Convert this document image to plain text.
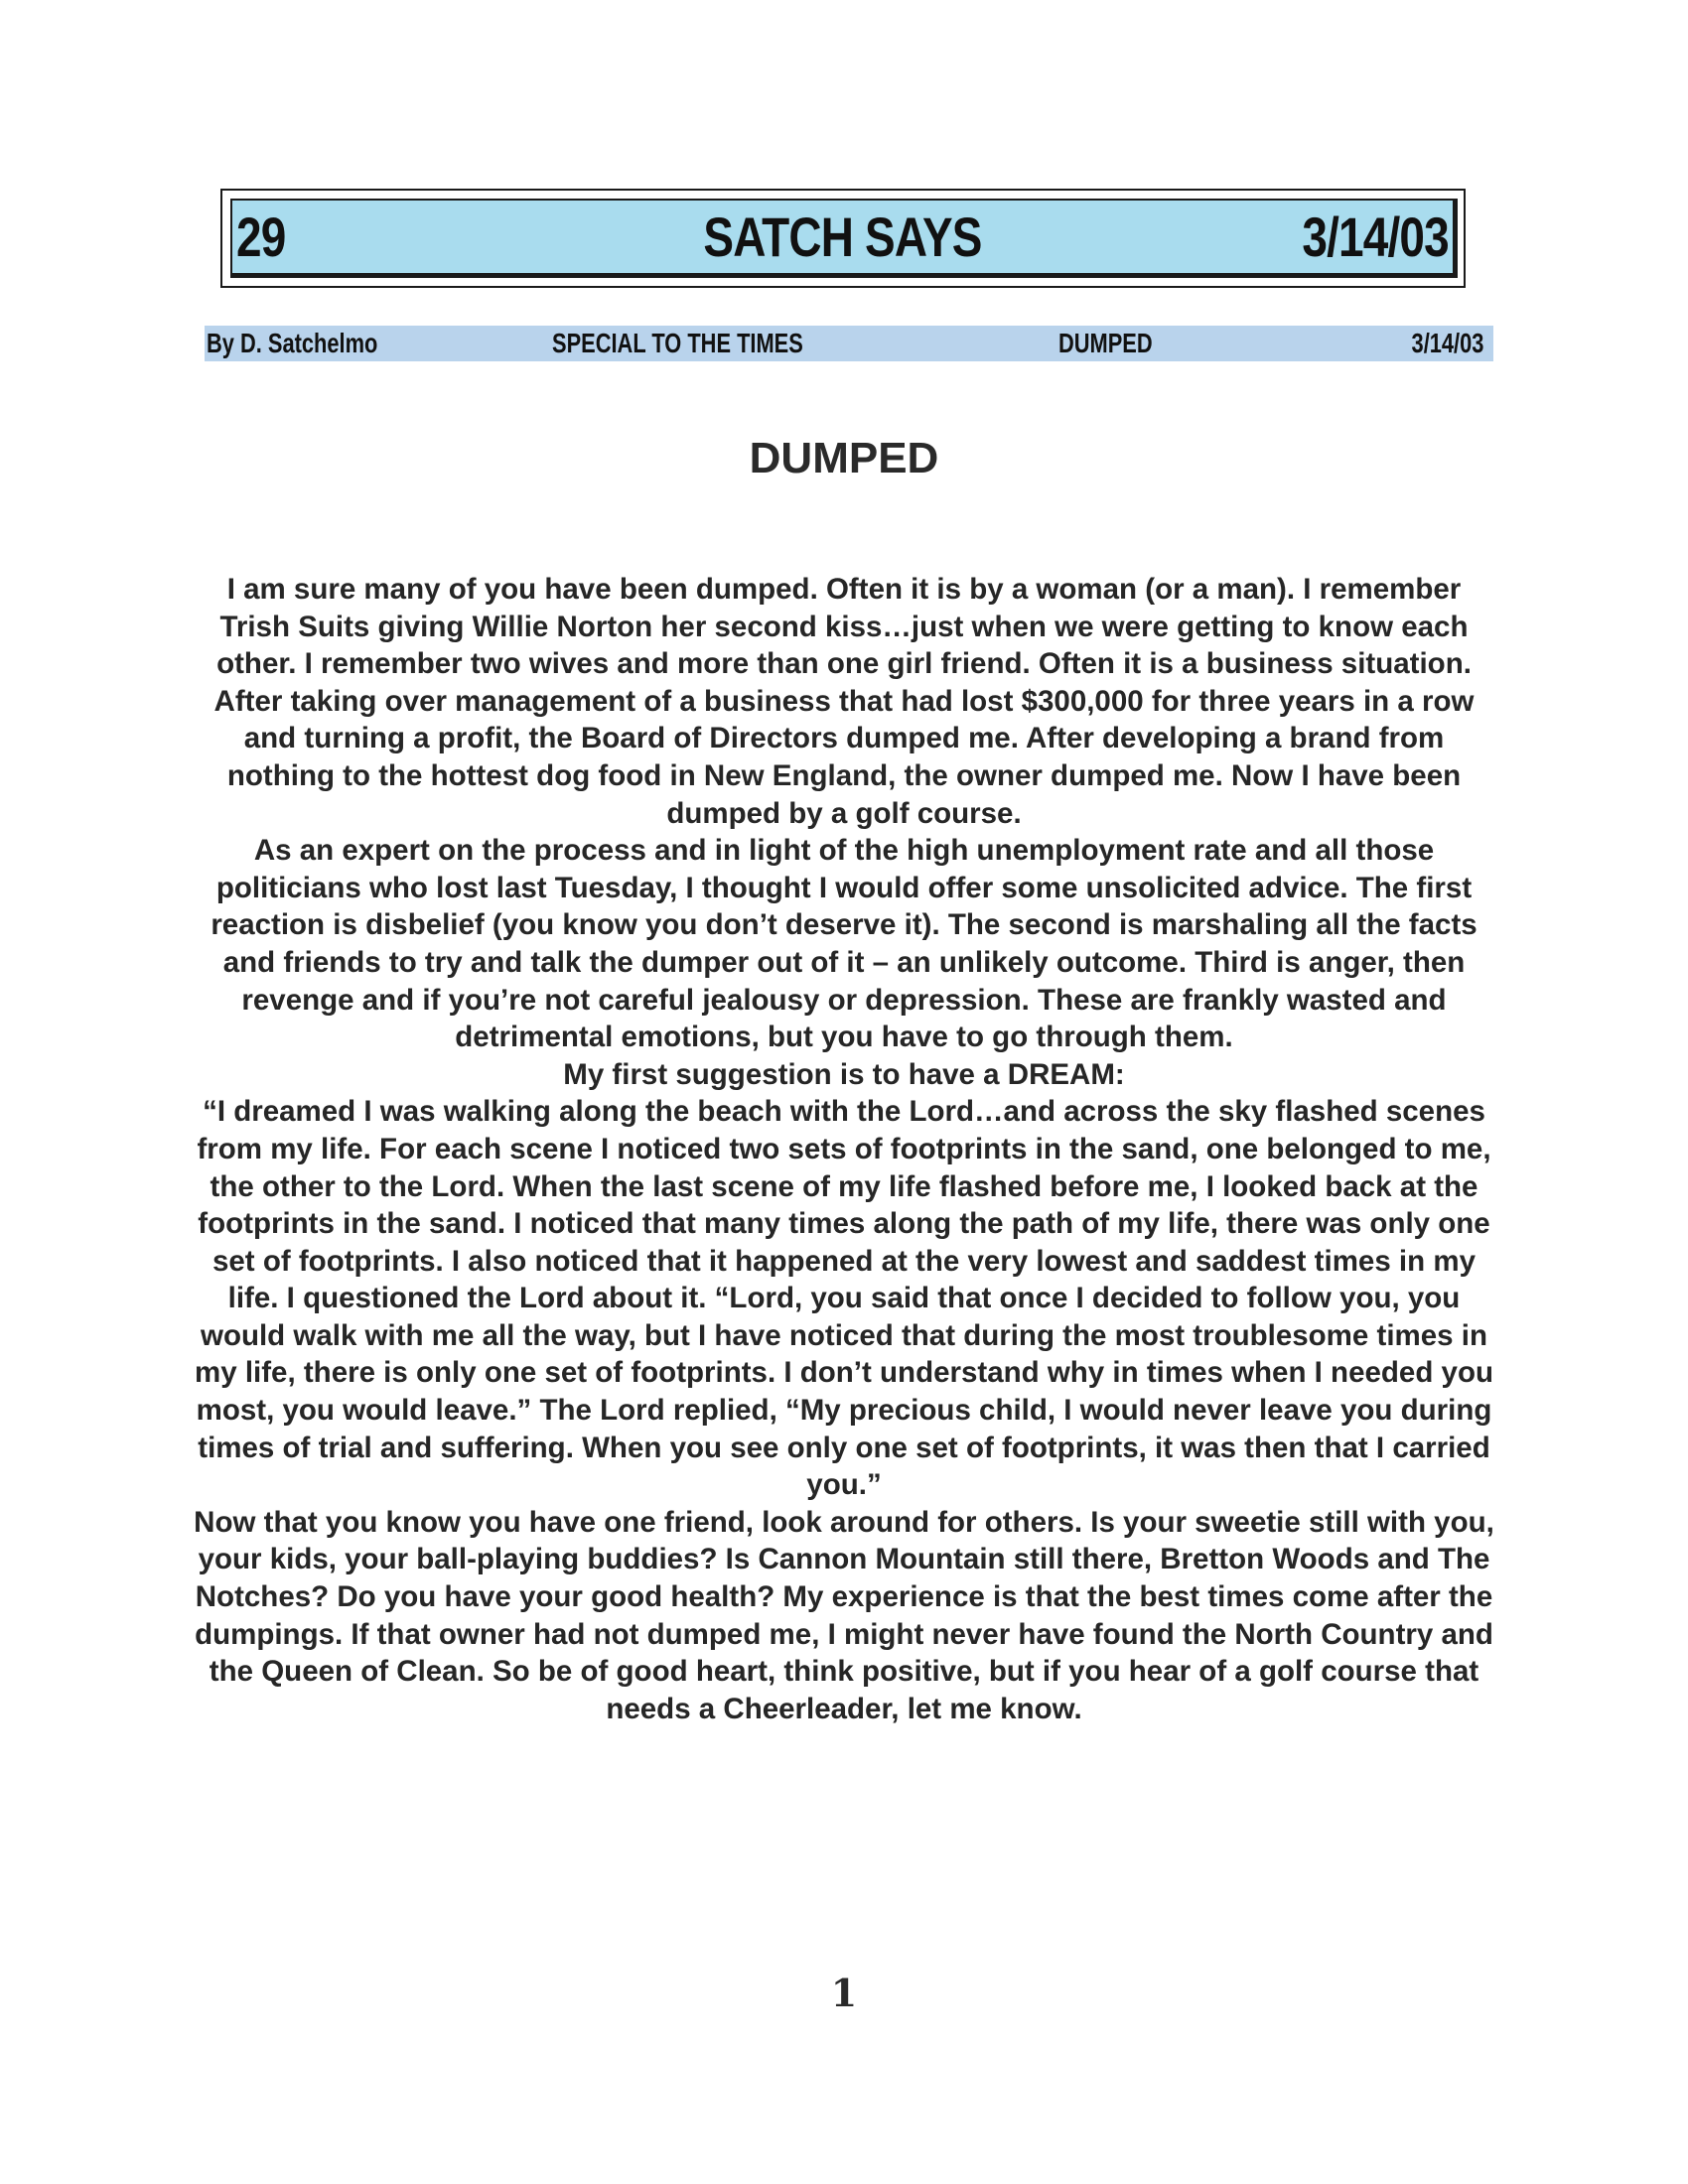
29	SATCH SAYS	3/14/03
By D. Satchelmo	SPECIAL TO THE TIMES	DUMPED	3/14/03
DUMPED

I am sure many of you have been dumped. Often it is by a woman (or a man). I remember Trish Suits giving Willie Norton her second kiss…just when we were getting to know each other. I remember two wives and more than one girl friend. Often it is a business situation. After taking over management of a business that had lost $300,000 for three years in a row and turning a profit, the Board of Directors dumped me. After developing a brand from nothing to the hottest dog food in New England, the owner dumped me. Now I have been dumped by a golf course.

As an expert on the process and in light of the high unemployment rate and all those politicians who lost last Tuesday, I thought I would offer some unsolicited advice. The first reaction is disbelief (you know you don’t deserve it). The second is marshaling all the facts and friends to try and talk the dumper out of it – an unlikely outcome. Third is anger, then revenge and if you’re not careful jealousy or depression. These are frankly wasted and detrimental emotions, but you have to go through them.

My first suggestion is to have a DREAM:

“I dreamed I was walking along the beach with the Lord…and across the sky flashed scenes from my life. For each scene I noticed two sets of footprints in the sand, one belonged to me, the other to the Lord. When the last scene of my life flashed before me, I looked back at the footprints in the sand. I noticed that many times along the path of my life, there was only one set of footprints. I also noticed that it happened at the very lowest and saddest times in my life. I questioned the Lord about it. “Lord, you said that once I decided to follow you, you would walk with me all the way, but I have noticed that during the most troublesome times in my life, there is only one set of footprints. I don’t understand why in times when I needed you most, you would leave.” The Lord replied, “My precious child, I would never leave you during times of trial and suffering. When you see only one set of footprints, it was then that I carried you.”

Now that you know you have one friend, look around for others. Is your sweetie still with you, your kids, your ball-playing buddies? Is Cannon Mountain still there, Bretton Woods and The Notches? Do you have your good health? My experience is that the best times come after the dumpings. If that owner had not dumped me, I might never have found the North Country and the Queen of Clean. So be of good heart, think positive, but if you hear of a golf course that needs a Cheerleader, let me know.

1
